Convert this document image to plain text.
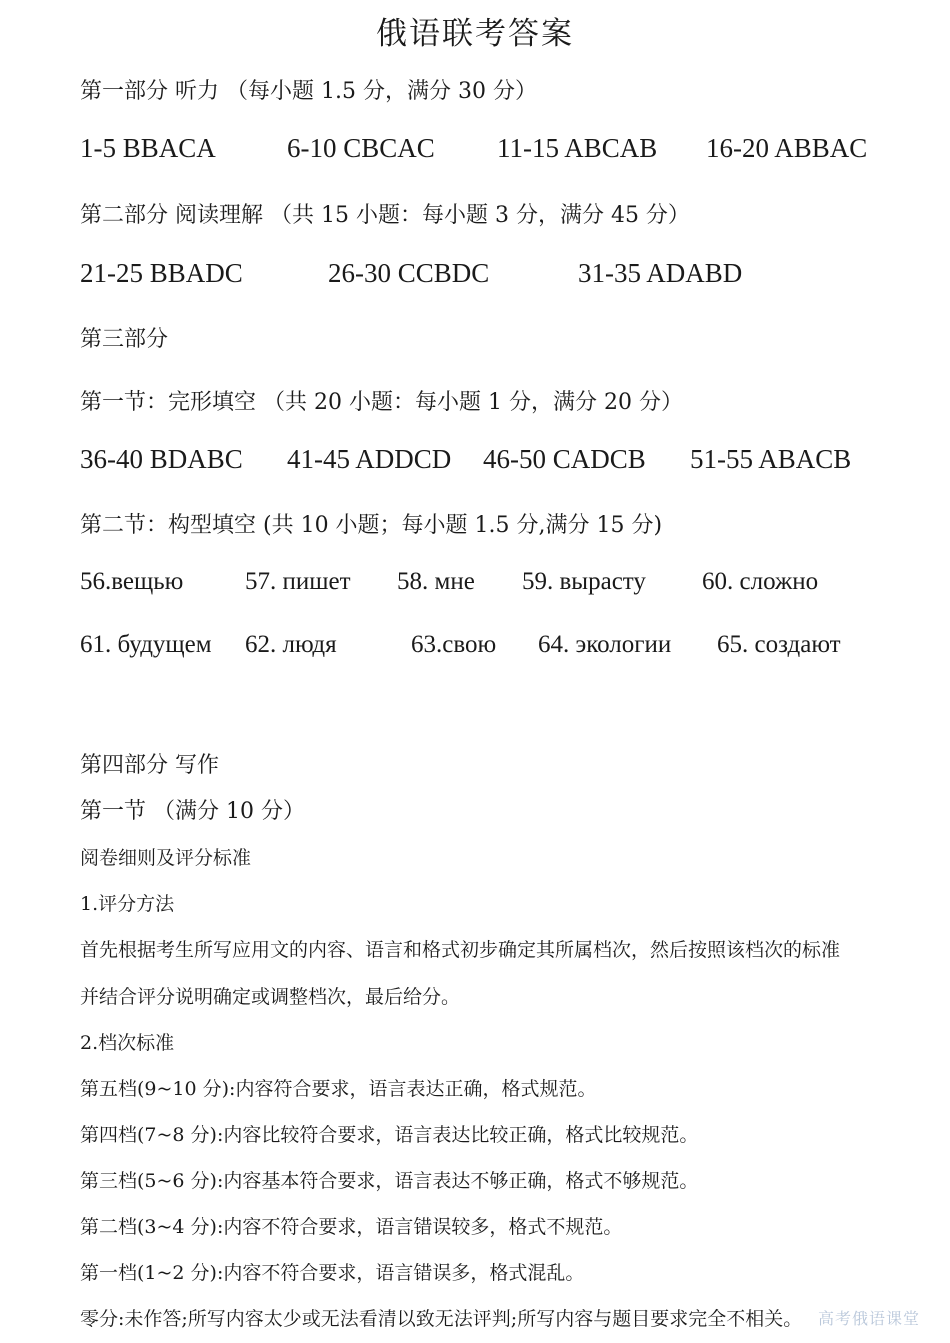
俄语联考答案
第一部分 听力 （每小题 1.5 分，满分 30 分）
1-5 BBACA	6-10 CBCAC 11-15 ABCAB 16-20 ABBAC
第二部分 阅读理解 （共 15 小题：每小题 3 分，满分 45 分）
21-25 BBADC	26-30 CCBDC	31-35 ADABD
第三部分
第一节：完形填空 （共 20 小题：每小题 1 分，满分 20 分）
36-40 BDABC 41-45 ADDCD 46-50 CADCB 51-55 ABACB
第二节：构型填空 (共 10 小题；每小题 1.5 分,满分 15 分)
56.вещью 57. пишет 58. мне 59. вырасту 60. сложно
61. будущем 62. людя	63.свою 64. экологии 65. создают
第四部分 写作
第一节 （满分 10 分）
阅卷细则及评分标准
1.评分方法
首先根据考生所写应用文的内容、语言和格式初步确定其所属档次，然后按照该档次的标准
并结合评分说明确定或调整档次，最后给分。
2.档次标准
第五档(9~10 分):内容符合要求，语言表达正确，格式规范。
第四档(7~8 分):内容比较符合要求，语言表达比较正确，格式比较规范。
第三档(5~6 分):内容基本符合要求，语言表达不够正确，格式不够规范。
第二档(3~4 分):内容不符合要求，语言错误较多，格式不规范。
第一档(1~2 分):内容不符合要求，语言错误多，格式混乱。
零分:未作答;所写内容太少或无法看清以致无法评判;所写内容与题目要求完全不相关。 高考俄语课堂
